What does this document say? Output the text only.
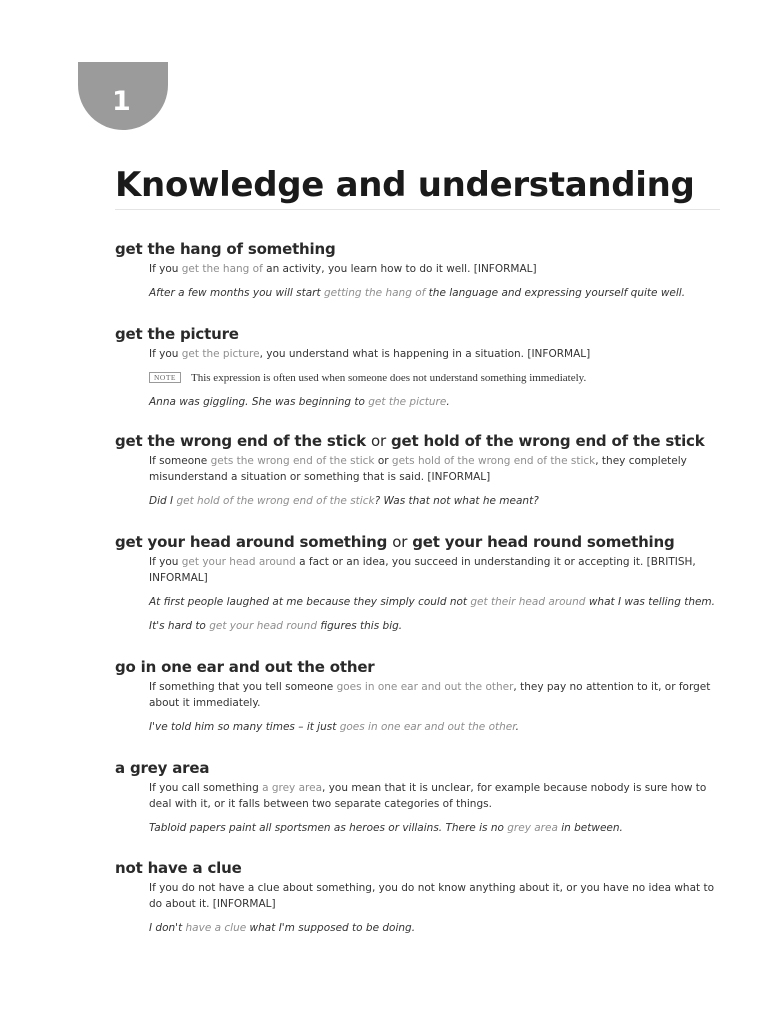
1
Knowledge and understanding
get the hang of something

If you get the hang of an activity, you learn how to do it well. [INFORMAL]

After a few months you will start getting the hang of the language and expressing yourself quite well.

get the picture

If you get the picture, you understand what is happening in a situation. [INFORMAL]

NOTE This expression is often used when someone does not understand something immediately.

Anna was giggling. She was beginning to get the picture.

get the wrong end of the stick or get hold of the wrong end of the stick

If someone gets the wrong end of the stick or gets hold of the wrong end of the stick, they completely misunderstand a situation or something that is said. [INFORMAL]

Did I get hold of the wrong end of the stick? Was that not what he meant?

get your head around something or get your head round something

If you get your head around a fact or an idea, you succeed in understanding it or accepting it. [BRITISH, INFORMAL]

At first people laughed at me because they simply could not get their head around what I was telling them.

It's hard to get your head round figures this big.

go in one ear and out the other

If something that you tell someone goes in one ear and out the other, they pay no attention to it, or forget about it immediately.

I've told him so many times – it just goes in one ear and out the other.

a grey area

If you call something a grey area, you mean that it is unclear, for example because nobody is sure how to deal with it, or it falls between two separate categories of things.

Tabloid papers paint all sportsmen as heroes or villains. There is no grey area in between.

not have a clue

If you do not have a clue about something, you do not know anything about it, or you have no idea what to do about it. [INFORMAL]

I don't have a clue what I'm supposed to be doing.
